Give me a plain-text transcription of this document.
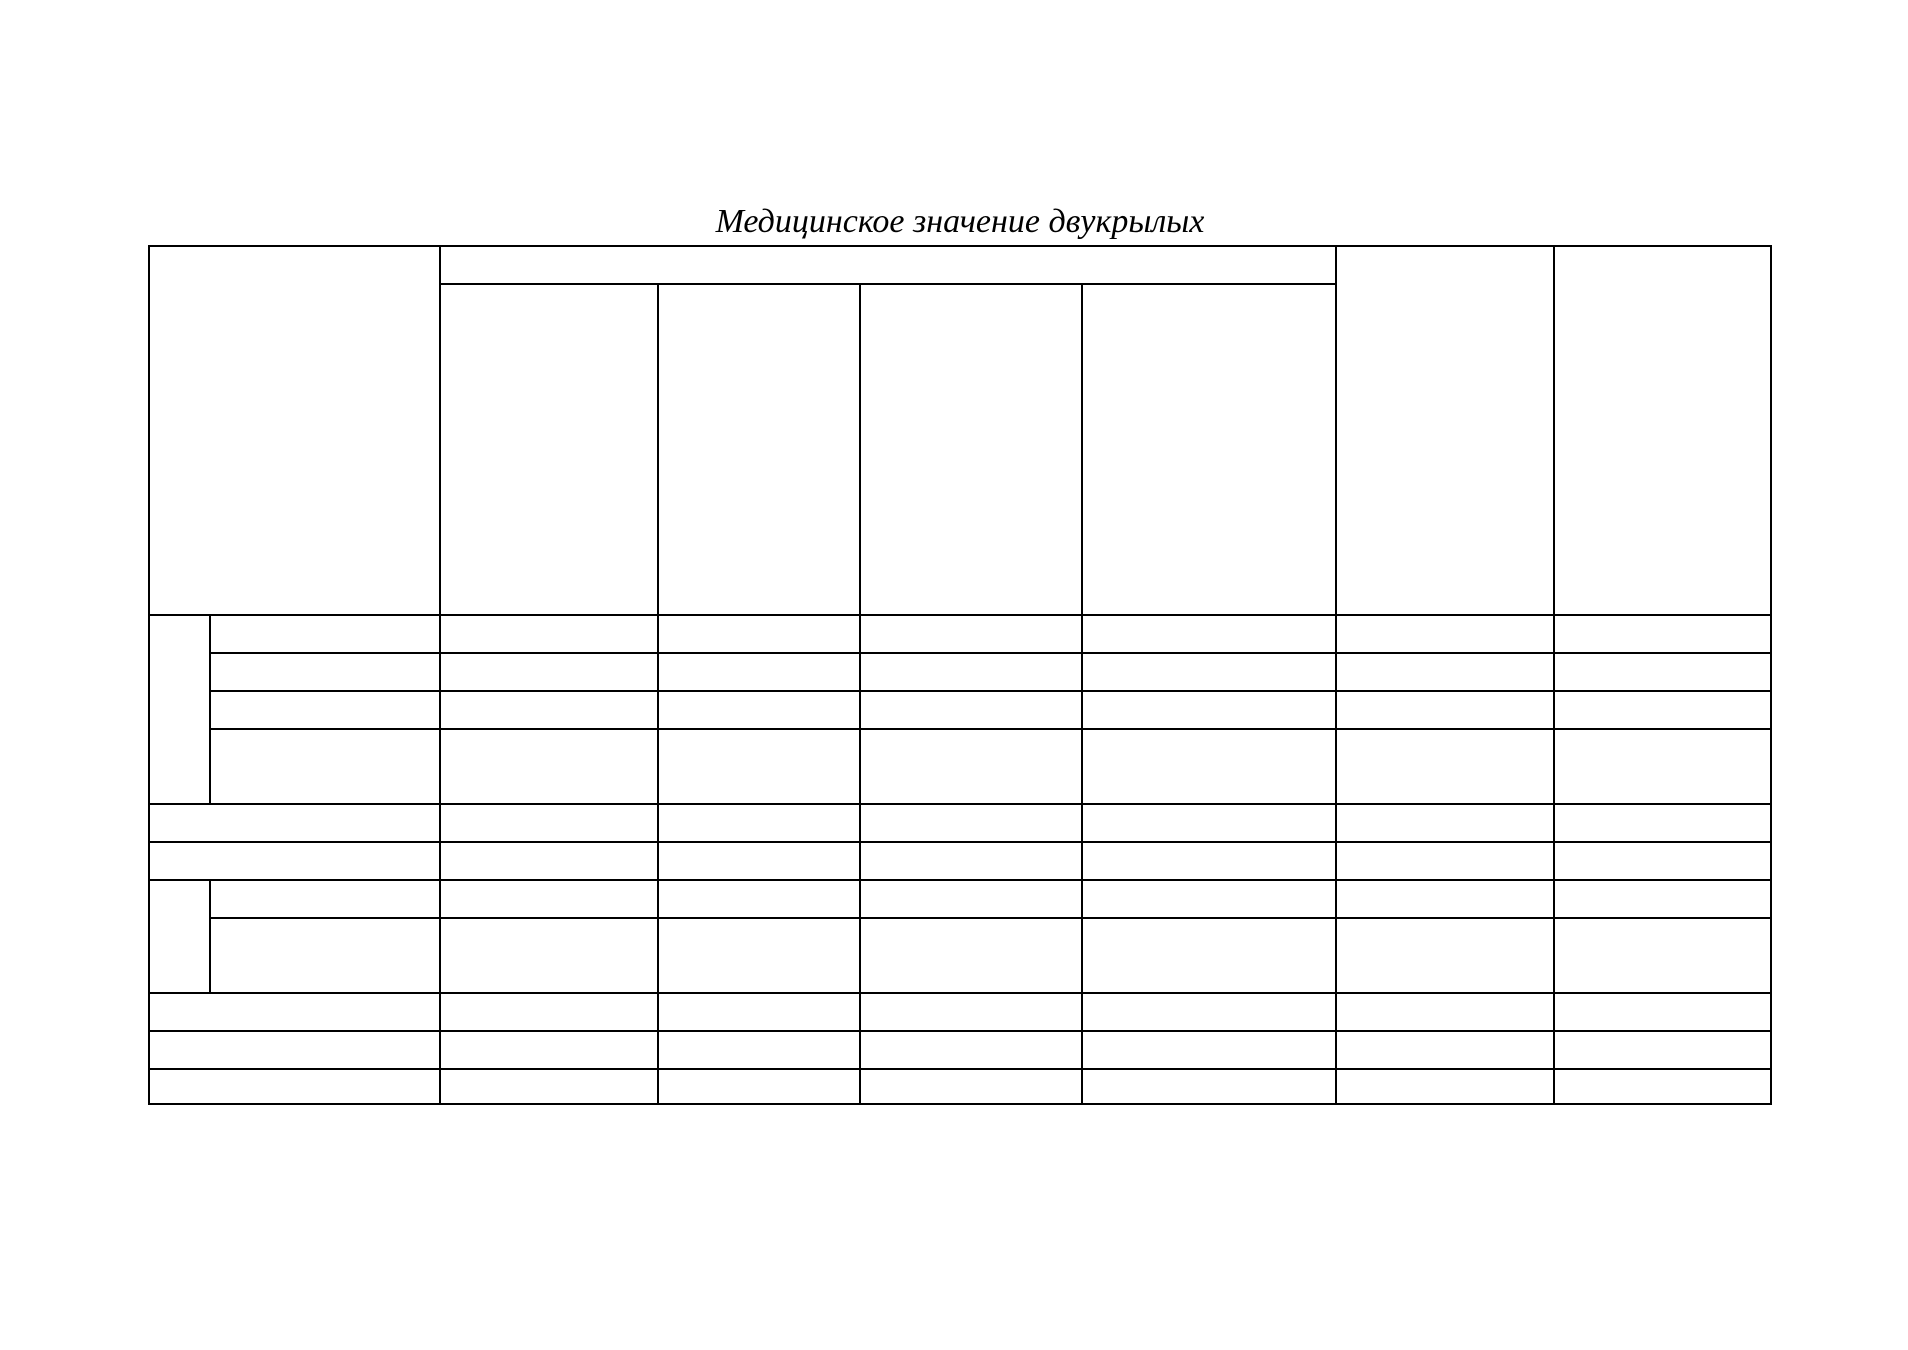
Медицинское значение двукрылых
